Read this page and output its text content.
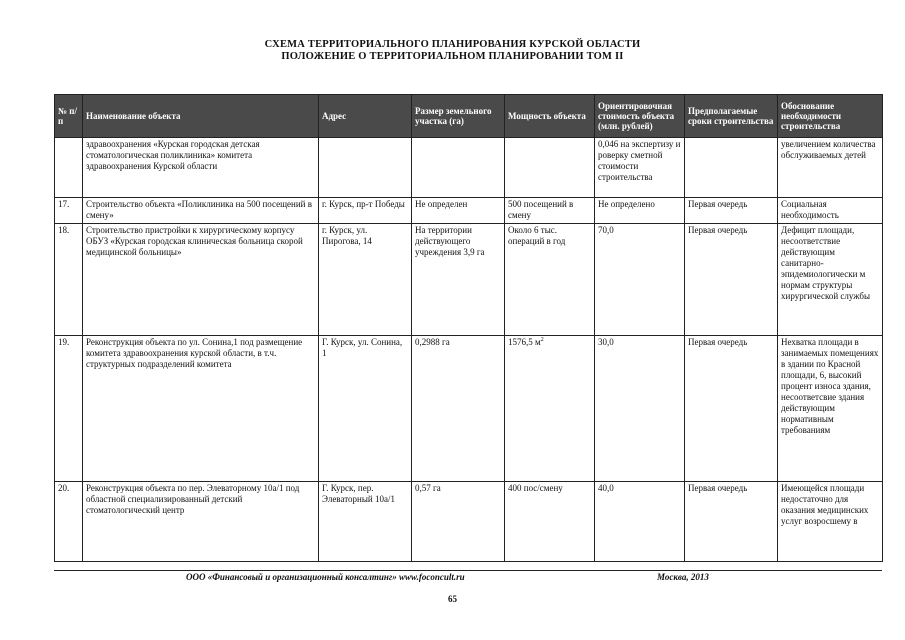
СХЕМА ТЕРРИТОРИАЛЬНОГО ПЛАНИРОВАНИЯ КУРСКОЙ ОБЛАСТИ
ПОЛОЖЕНИЕ О ТЕРРИТОРИАЛЬНОМ ПЛАНИРОВАНИИ ТОМ II
№ п/п	Наименование объекта	Адрес	Размер земельного участка (га)	Мощность объекта	Ориентировочная стоимость объекта (млн. рублей)	Предполагаемые сроки строительства	Обоснование необходимости строительства
	здравоохранения «Курская городская детская стоматологическая поликлиника» комитета здравоохранения Курской области				0,046 на экспертизу и роверку сметной стоимости строительства		увеличением количества обслуживаемых детей
17.	Строительство объекта «Поликлиника на 500 посещений в смену»	г. Курск, пр-т Победы	Не определен	500 посещений в смену	Не определено	Первая очередь	Социальная необходимость
18.	Строительство пристройки к хирургическому корпусу ОБУЗ «Курская городская клиническая больница скорой медицинской больницы»	г. Курск, ул. Пирогова, 14	На территории действующего учреждения 3,9 га	Около 6 тыс. операций в год	70,0	Первая очередь	Дефицит площади, несоответствие действующим санитарно-эпидемиологически м нормам структуры хирургической службы
19.	Реконструкция объекта по ул. Сонина,1 под размещение комитета здравоохранения курской области, в т.ч. структурных подразделений комитета	Г. Курск, ул. Сонина, 1	0,2988 га	1576,5 $м^2$	30,0	Первая очередь	Нехватка площади в занимаемых помещениях в здании по Красной площади, 6, высокий процент износа здания, несоответсвие здания действующим нормативным требованиям
20.	Реконструкция объекта по пер. Элеваторному 10а/1 под областной специализированный детский стоматологический центр	Г. Курск, пер. Элеваторный 10а/1	0,57 га	400 пос/смену	40,0	Первая очередь	Имеющейся площади недостаточно для оказания медицинских услуг возросшему в
ООО «Финансовый и организационный консалтинг» www.foconcult.ru	Москва, 2013
65
